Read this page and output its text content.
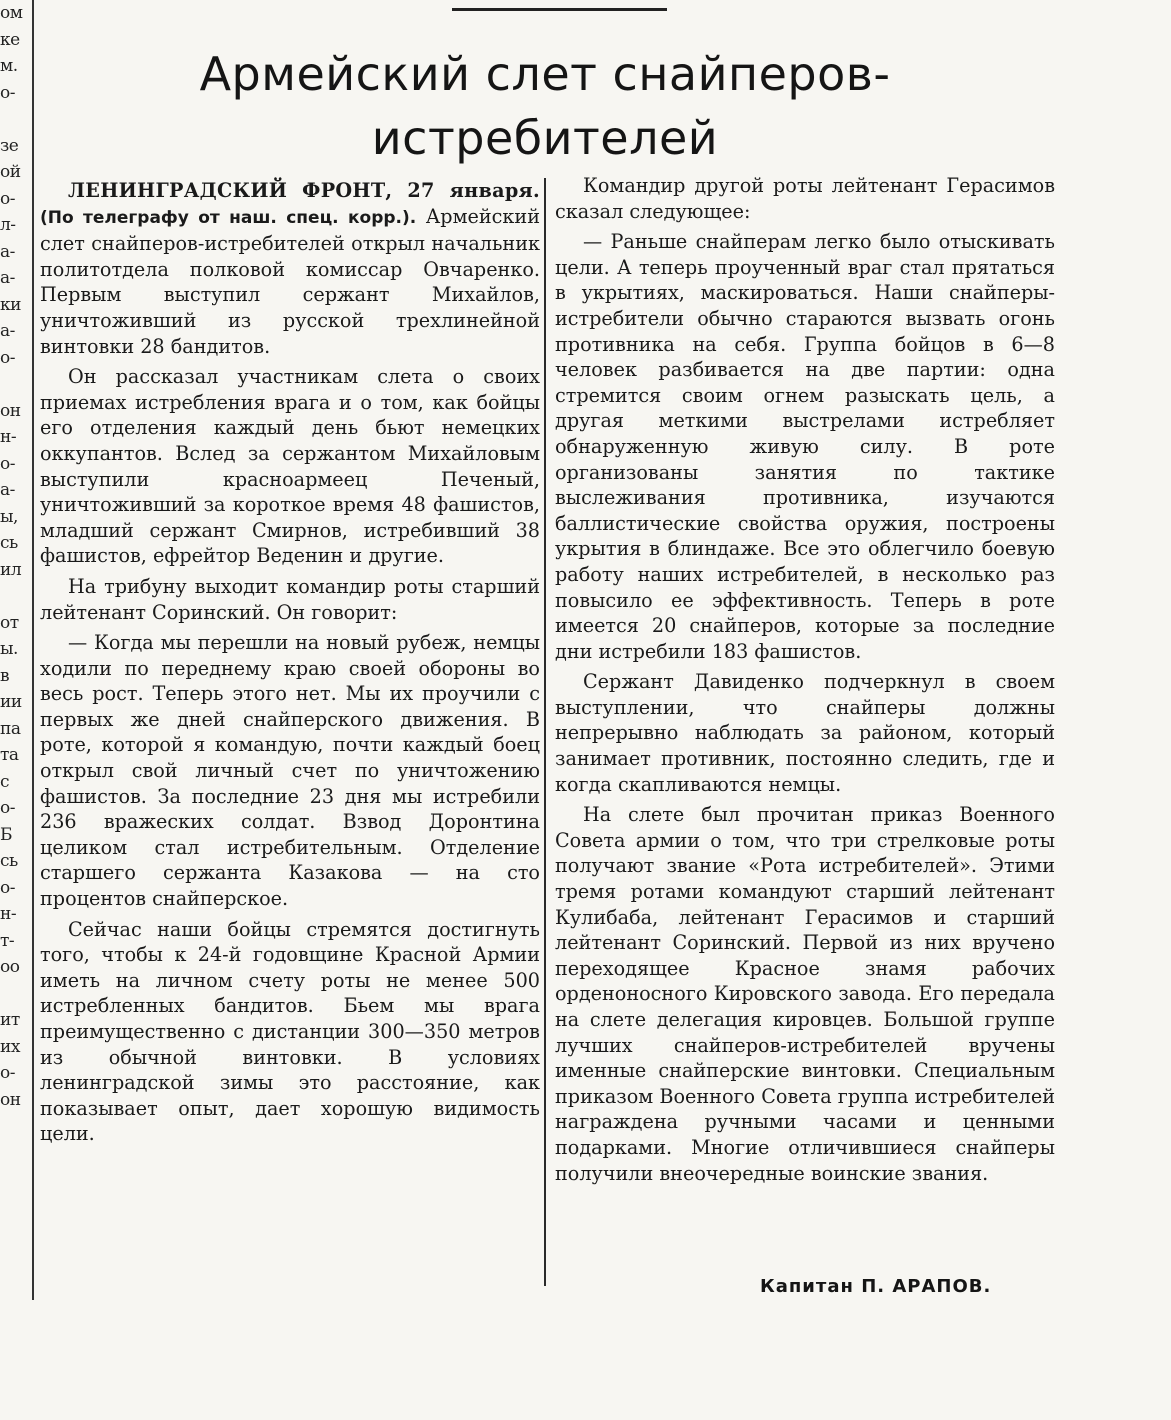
ом
ке
м.
о-
зе
ой
о-
л-
а-
а-
ки
а-
о-
он
н-
о-
а-
ы,
сь
ил
от
ы.
в
ии
па
та
с
о-
Б
сь
о-
н-
т-
оо
ит
их
о-
он
Армейский слет снайперов-истребителей

ЛЕНИНГРАДСКИЙ ФРОНТ, 27 января. (По телеграфу от наш. спец. корр.). Армейский слет снайперов-истребителей открыл начальник политотдела полковой комиссар Овчаренко. Первым выступил сержант Михайлов, уничтоживший из русской трехлинейной винтовки 28 бандитов.

Он рассказал участникам слета о своих приемах истребления врага и о том, как бойцы его отделения каждый день бьют немецких оккупантов. Вслед за сержантом Михайловым выступили красноармеец Печеный, уничтоживший за короткое время 48 фашистов, младший сержант Смирнов, истребивший 38 фашистов, ефрейтор Веденин и другие.

На трибуну выходит командир роты старший лейтенант Соринский. Он говорит:

— Когда мы перешли на новый рубеж, немцы ходили по переднему краю своей обороны во весь рост. Теперь этого нет. Мы их проучили с первых же дней снайперского движения. В роте, которой я командую, почти каждый боец открыл свой личный счет по уничтожению фашистов. За последние 23 дня мы истребили 236 вражеских солдат. Взвод Доронтина целиком стал истребительным. Отделение старшего сержанта Казакова — на сто процентов снайперское.

Сейчас наши бойцы стремятся достигнуть того, чтобы к 24-й годовщине Красной Армии иметь на личном счету роты не менее 500 истребленных бандитов. Бьем мы врага преимущественно с дистанции 300—350 метров из обычной винтовки. В условиях ленинградской зимы это расстояние, как показывает опыт, дает хорошую видимость цели.

Командир другой роты лейтенант Герасимов сказал следующее:

— Раньше снайперам легко было отыскивать цели. А теперь проученный враг стал прятаться в укрытиях, маскироваться. Наши снайперы-истребители обычно стараются вызвать огонь противника на себя. Группа бойцов в 6—8 человек разбивается на две партии: одна стремится своим огнем разыскать цель, а другая меткими выстрелами истребляет обнаруженную живую силу. В роте организованы занятия по тактике выслеживания противника, изучаются баллистические свойства оружия, построены укрытия в блиндаже. Все это облегчило боевую работу наших истребителей, в несколько раз повысило ее эффективность. Теперь в роте имеется 20 снайперов, которые за последние дни истребили 183 фашистов.

Сержант Давиденко подчеркнул в своем выступлении, что снайперы должны непрерывно наблюдать за районом, который занимает противник, постоянно следить, где и когда скапливаются немцы.

На слете был прочитан приказ Военного Совета армии о том, что три стрелковые роты получают звание «Рота истребителей». Этими тремя ротами командуют старший лейтенант Кулибаба, лейтенант Герасимов и старший лейтенант Соринский. Первой из них вручено переходящее Красное знамя рабочих орденоносного Кировского завода. Его передала на слете делегация кировцев. Большой группе лучших снайперов-истребителей вручены именные снайперские винтовки. Специальным приказом Военного Совета группа истребителей награждена ручными часами и ценными подарками. Многие отличившиеся снайперы получили внеочередные воинские звания.

Капитан П. АРАПОВ.
